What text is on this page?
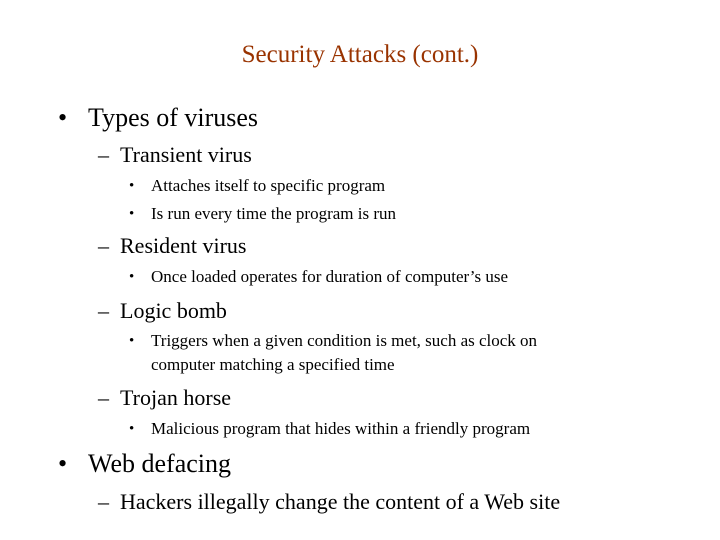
Security Attacks (cont.)
• Types of viruses
– Transient virus
• Attaches itself to specific program
• Is run every time the program is run
– Resident virus
• Once loaded operates for duration of computer’s use
– Logic bomb
• Triggers when a given condition is met, such as clock on
computer matching a specified time
– Trojan horse
• Malicious program that hides within a friendly program
• Web defacing
– Hackers illegally change the content of a Web site
